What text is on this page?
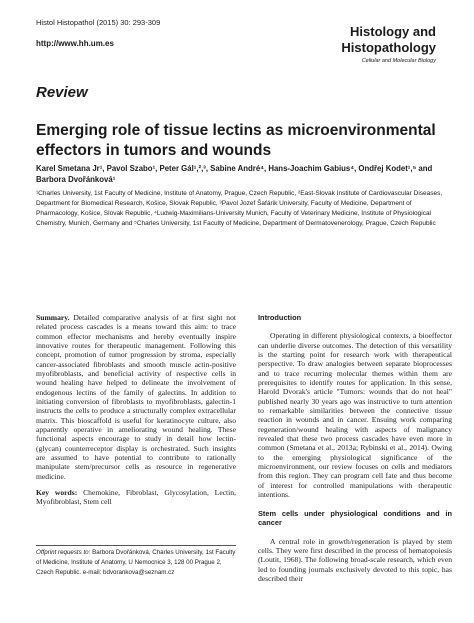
Histol Histopathol (2015) 30: 293-309
http://www.hh.um.es
Histology and
Histopathology
Cellular and Molecular Biology
Review
Emerging role of tissue lectins as microenvironmental effectors in tumors and wounds
Karel Smetana Jr¹, Pavol Szabo¹, Peter Gál¹,²,³, Sabine André⁴, Hans-Joachim Gabius⁴, Ondřej Kodet¹,⁵ and Barbora Dvořánková¹
¹Charles University, 1st Faculty of Medicine, Institute of Anatomy, Prague, Czech Republic, ²East-Slovak Institute of Cardiovascular Diseases, Department for Biomedical Research, Košice, Slovak Republic, ³Pavol Jozef Šafárik University, Faculty of Medicine, Department of Pharmacology, Košice, Slovak Republic, ⁴Ludwig-Maximilians-University Munich, Faculty of Veterinary Medicine, Institute of Physiological Chemistry, Munich, Germany and ⁵Charles University, 1st Faculty of Medicine, Department of Dermatovenerology, Prague, Czech Republic

Summary. Detailed comparative analysis of at first sight not related process cascades is a means toward this aim: to trace common effector mechanisms and hereby eventually inspire innovative routes for therapeutic management. Following this concept, promotion of tumor progression by stroma, especially cancer-associated fibroblasts and smooth muscle actin-positive myofibroblasts, and beneficial activity of respective cells in wound healing have helped to delineate the involvement of endogenous lectins of the family of galectins. In addition to initiating conversion of fibroblasts to myofibroblasts, galectin-1 instructs the cells to produce a structurally complex extracellular matrix. This bioscaffold is useful for keratinocyte culture, also apparently operative in ameliorating wound healing. These functional aspects encourage to study in detail how lectin-(glycan) counterreceptor display is orchestrated. Such insights are assumed to have potential to contribute to rationally manipulate stem/precursor cells as resource in regenerative medicine.

Key words: Chemokine, Fibroblast, Glycosylation, Lectin, Myofibroblast, Stem cell

Offprint requests to: Barbora Dvořánková, Charles University, 1st Faculty of Medicine, Institute of Anatomy, U Nemocnice 3, 128 00 Prague 2, Czech Republic. e-mail: bdvorankova@seznam.cz
Introduction

Operating in different physiological contexts, a bioeffector can underlie diverse outcomes. The detection of this versatility is the starting point for research work with therapeutical perspective. To draw analogies between separate bioprocesses and to trace recurring molecular themes within them are prerequisites to identify routes for application. In this sense, Harold Dvorak's article "Tumors: wounds that do not heal" published nearly 30 years ago was instructive to turn attention to remarkable similarities between the connective tissue reaction in wounds and in cancer. Ensuing work comparing regeneration/wound healing with aspects of malignancy revealed that these two process cascades have even more in common (Smetana et al., 2013a; Rybinski et al., 2014). Owing to the emerging physiological significance of the microenvironment, our review focuses on cells and mediators from this region. They can program cell fate and thus become of interest for controlled manipulations with therapeutic intentions.

Stem cells under physiological conditions and in cancer

A central role in growth/regeneration is played by stem cells. They were first described in the process of hematopoiesis (Loutit, 1968). The following broad-scale research, which even led to founding journals exclusively devoted to this topic, has described their
